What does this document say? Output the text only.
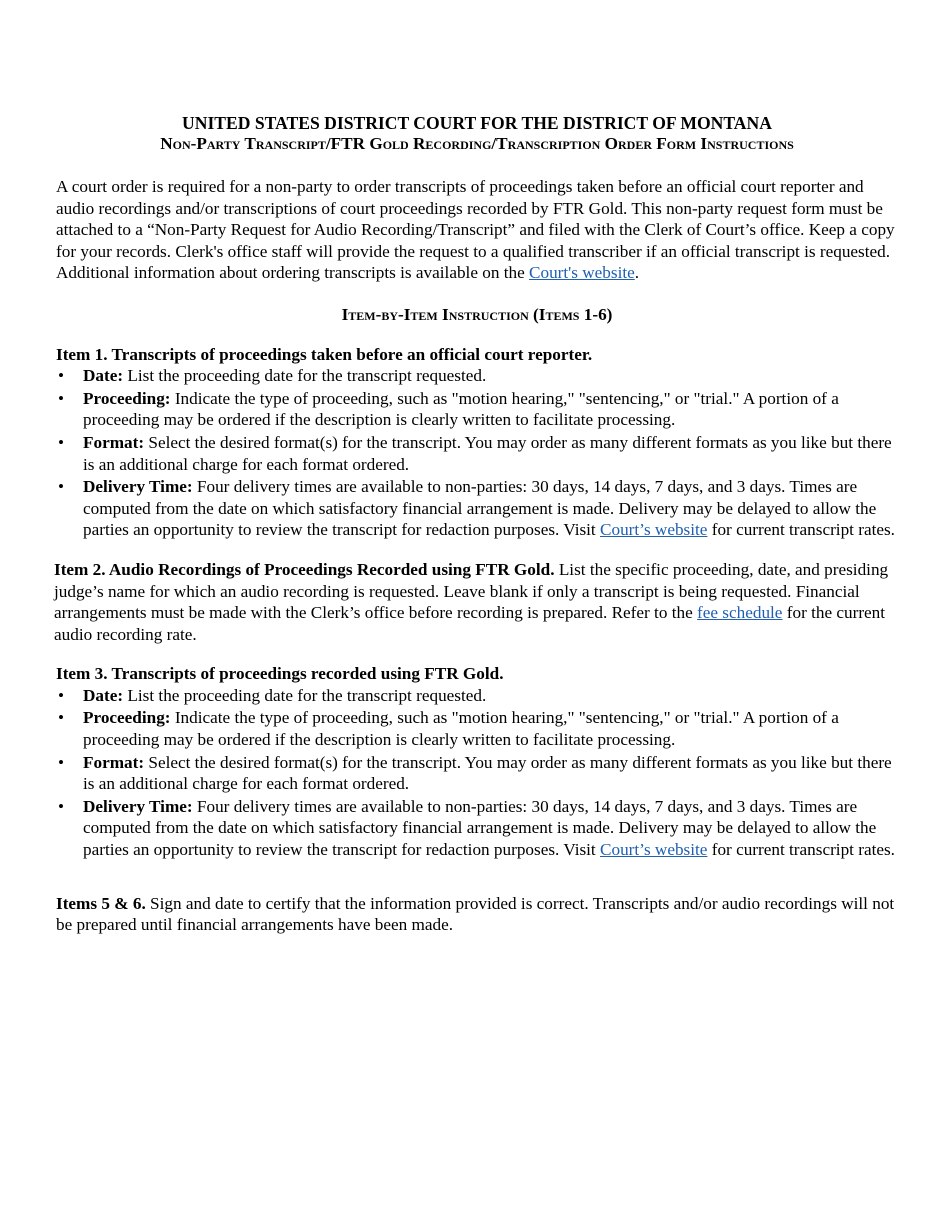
UNITED STATES DISTRICT COURT FOR THE DISTRICT OF MONTANA

Non-Party Transcript/FTR Gold Recording/Transcription Order Form Instructions

A court order is required for a non-party to order transcripts of proceedings taken before an official court reporter and audio recordings and/or transcriptions of court proceedings recorded by FTR Gold. This non-party request form must be attached to a “Non-Party Request for Audio Recording/Transcript” and filed with the Clerk of Court’s office. Keep a copy for your records. Clerk's office staff will provide the request to a qualified transcriber if an official transcript is requested. Additional information about ordering transcripts is available on the Court's website.

Item-by-Item Instruction (Items 1-6)

Item 1. Transcripts of proceedings taken before an official court reporter.

• Date: List the proceeding date for the transcript requested.
• Proceeding: Indicate the type of proceeding, such as "motion hearing," "sentencing," or "trial." A portion of a proceeding may be ordered if the description is clearly written to facilitate processing.
• Format: Select the desired format(s) for the transcript. You may order as many different formats as you like but there is an additional charge for each format ordered.
• Delivery Time: Four delivery times are available to non-parties: 30 days, 14 days, 7 days, and 3 days. Times are computed from the date on which satisfactory financial arrangement is made. Delivery may be delayed to allow the parties an opportunity to review the transcript for redaction purposes. Visit Court’s website for current transcript rates.

Item 2. Audio Recordings of Proceedings Recorded using FTR Gold. List the specific proceeding, date, and presiding judge’s name for which an audio recording is requested. Leave blank if only a transcript is being requested. Financial arrangements must be made with the Clerk’s office before recording is prepared. Refer to the fee schedule for the current audio recording rate.

Item 3. Transcripts of proceedings recorded using FTR Gold.

• Date: List the proceeding date for the transcript requested.
• Proceeding: Indicate the type of proceeding, such as "motion hearing," "sentencing," or "trial." A portion of a proceeding may be ordered if the description is clearly written to facilitate processing.
• Format: Select the desired format(s) for the transcript. You may order as many different formats as you like but there is an additional charge for each format ordered.
• Delivery Time: Four delivery times are available to non-parties: 30 days, 14 days, 7 days, and 3 days. Times are computed from the date on which satisfactory financial arrangement is made. Delivery may be delayed to allow the parties an opportunity to review the transcript for redaction purposes. Visit Court’s website for current transcript rates.

Items 5 & 6. Sign and date to certify that the information provided is correct. Transcripts and/or audio recordings will not be prepared until financial arrangements have been made.
